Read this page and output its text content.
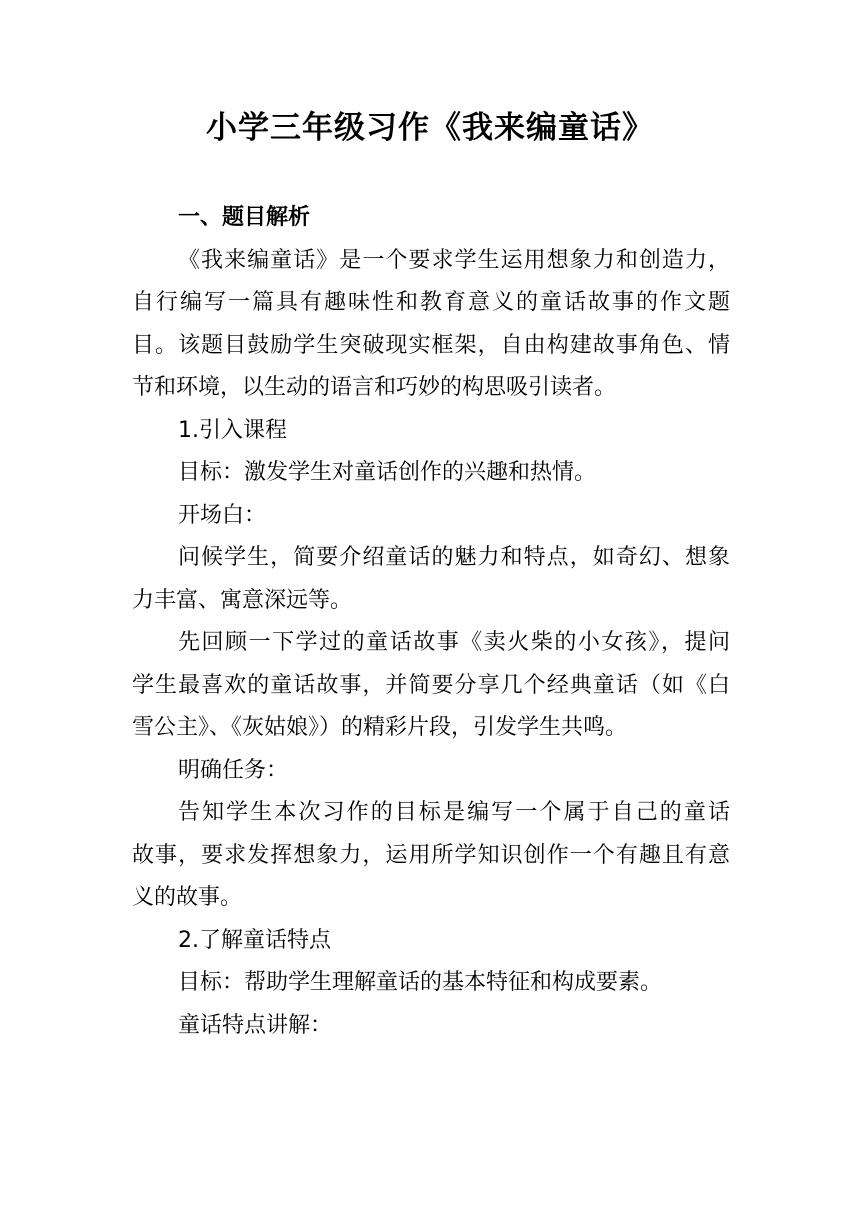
小学三年级习作《我来编童话》
一、题目解析
《我来编童话》是一个要求学生运用想象力和创造力，
自行编写一篇具有趣味性和教育意义的童话故事的作文题
目。该题目鼓励学生突破现实框架，自由构建故事角色、情
节和环境，以生动的语言和巧妙的构思吸引读者。
1.引入课程
目标：激发学生对童话创作的兴趣和热情。
开场白：
问候学生，简要介绍童话的魅力和特点，如奇幻、想象
力丰富、寓意深远等。
先回顾一下学过的童话故事《卖火柴的小女孩》，提问
学生最喜欢的童话故事，并简要分享几个经典童话（如《白
雪公主》、《灰姑娘》）的精彩片段，引发学生共鸣。
明确任务：
告知学生本次习作的目标是编写一个属于自己的童话
故事，要求发挥想象力，运用所学知识创作一个有趣且有意
义的故事。
2.了解童话特点
目标：帮助学生理解童话的基本特征和构成要素。
童话特点讲解：
